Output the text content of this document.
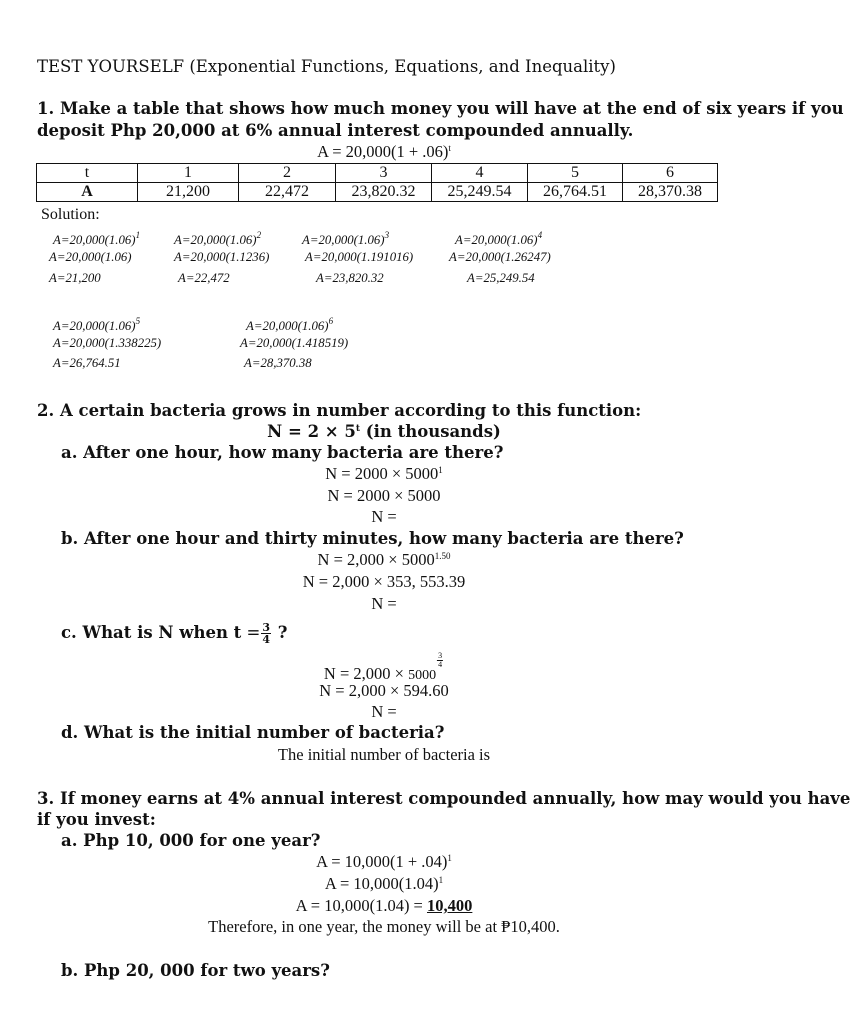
TEST YOURSELF (Exponential Functions, Equations, and Inequality)
1. Make a table that shows how much money you will have at the end of six years if you
deposit Php 20,000 at 6% annual interest compounded annually.
$A = 20,000(1 + .06)^t$
t	1	2	3	4	5	6
A	21,200	22,472	23,820.32	25,249.54	26,764.51	28,370.38
Solution:
$A=20,000(1.06)^1$
A=20,000(1.06)
A=21,200
$A=20,000(1.06)^2$
A=20,000(1.1236)
A=22,472
$A=20,000(1.06)^3$
A=20,000(1.191016)
A=23,820.32
$A=20,000(1.06)^4$
A=20,000(1.26247)
A=25,249.54
$A=20,000(1.06)^5$
A=20,000(1.338225)
A=26,764.51
$A=20,000(1.06)^6$
A=20,000(1.418519)
A=28,370.38
2. A certain bacteria grows in number according to this function:
$N = 2 \times 5^t$ (in thousands)
a. After one hour, how many bacteria are there?
$N = 2000 \times 5000^1$
N = 2000 × 5000
N =
b. After one hour and thirty minutes, how many bacteria are there?
$N = 2,000 \times 5000^{1.50}$
N = 2,000 × 353, 553.39
N =
c. What is N when $t = \frac{3}{4}$ ?
N = 2,000 × 5000
$\frac{3}{4}$
N = 2,000 × 594.60
N =
d. What is the initial number of bacteria?
The initial number of bacteria is
3. If money earns at 4% annual interest compounded annually, how may would you have
if you invest:
a. Php 10, 000 for one year?
$A = 10,000(1 + .04)^1$
$A = 10,000(1.04)^1$
A = 10,000(1.04) = 10,400
Therefore, in one year, the money will be at ₱10,400.
b. Php 20, 000 for two years?
